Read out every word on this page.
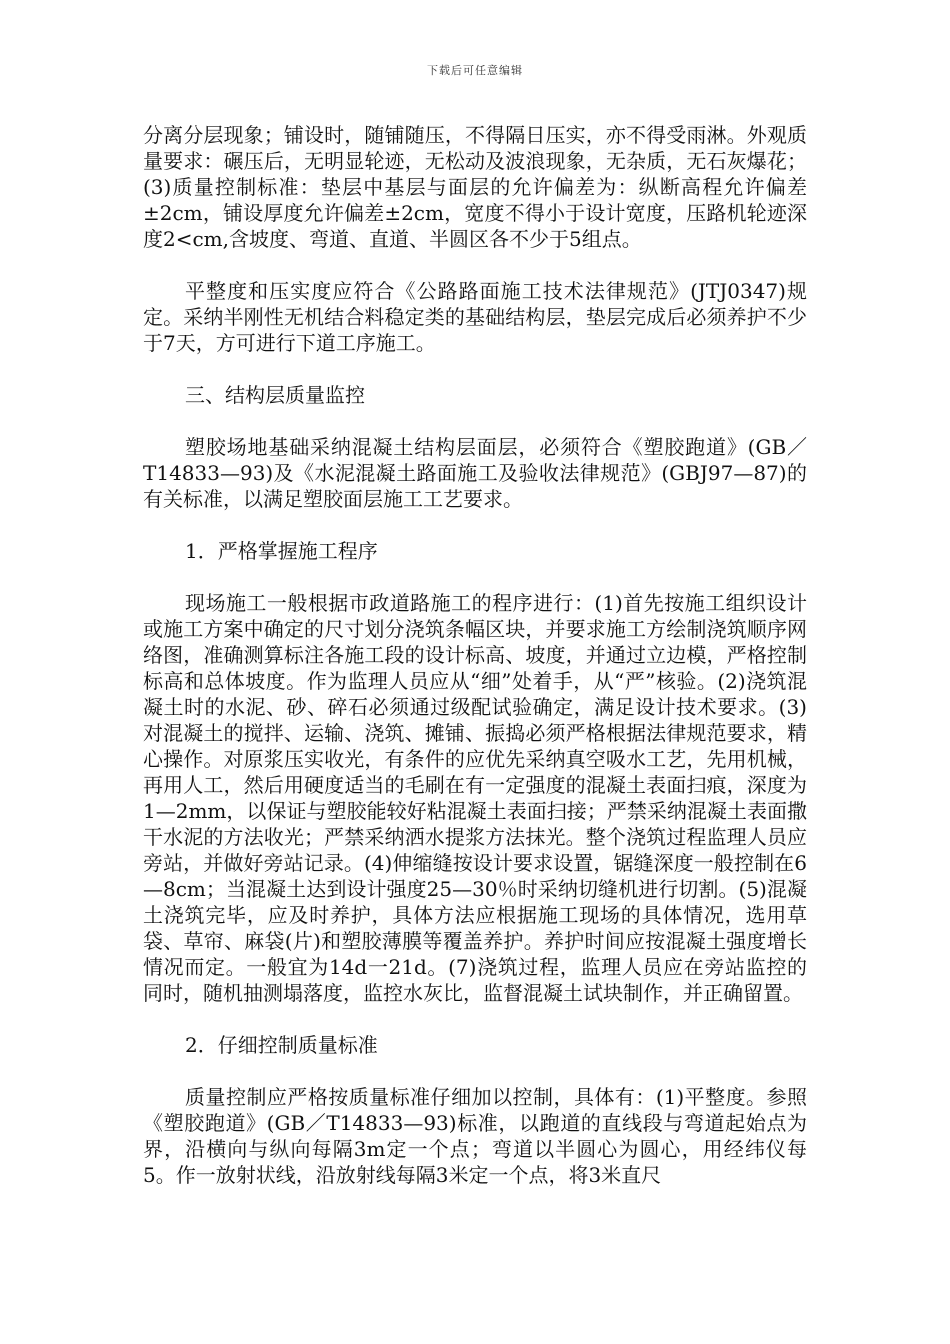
下载后可任意编辑

分离分层现象；铺设时，随铺随压，不得隔日压实，亦不得受雨淋。外观质量要求：碾压后，无明显轮迹，无松动及波浪现象，无杂质，无石灰爆花；(3)质量控制标准：垫层中基层与面层的允许偏差为：纵断高程允许偏差±2cm，铺设厚度允许偏差±2cm，宽度不得小于设计宽度，压路机轮迹深度2<cm,含坡度、弯道、直道、半圆区各不少于5组点。

平整度和压实度应符合《公路路面施工技术法律规范》(JTJ0347)规定。采纳半刚性无机结合料稳定类的基础结构层，垫层完成后必须养护不少于7天，方可进行下道工序施工。

三、结构层质量监控

塑胶场地基础采纳混凝土结构层面层，必须符合《塑胶跑道》(GB／T14833—93)及《水泥混凝土路面施工及验收法律规范》(GBJ97—87)的有关标准，以满足塑胶面层施工工艺要求。

1．严格掌握施工程序

现场施工一般根据市政道路施工的程序进行：(1)首先按施工组织设计或施工方案中确定的尺寸划分浇筑条幅区块，并要求施工方绘制浇筑顺序网络图，准确测算标注各施工段的设计标高、坡度，并通过立边模，严格控制标高和总体坡度。作为监理人员应从“细”处着手，从“严”核验。(2)浇筑混凝土时的水泥、砂、碎石必须通过级配试验确定，满足设计技术要求。(3)对混凝土的搅拌、运输、浇筑、摊铺、振捣必须严格根据法律规范要求，精心操作。对原浆压实收光，有条件的应优先采纳真空吸水工艺，先用机械，再用人工，然后用硬度适当的毛刷在有一定强度的混凝土表面扫痕，深度为1—2mm，以保证与塑胶能较好粘混凝土表面扫接；严禁采纳混凝土表面撒干水泥的方法收光；严禁采纳洒水提浆方法抹光。整个浇筑过程监理人员应旁站，并做好旁站记录。(4)伸缩缝按设计要求设置，锯缝深度一般控制在6—8cm；当混凝土达到设计强度25—30％时采纳切缝机进行切割。(5)混凝土浇筑完毕，应及时养护，具体方法应根据施工现场的具体情况，选用草袋、草帘、麻袋(片)和塑胶薄膜等覆盖养护。养护时间应按混凝土强度增长情况而定。一般宜为14d一21d。(7)浇筑过程，监理人员应在旁站监控的同时，随机抽测塌落度，监控水灰比，监督混凝土试块制作，并正确留置。

2．仔细控制质量标准

质量控制应严格按质量标准仔细加以控制，具体有：(1)平整度。参照《塑胶跑道》(GB／T14833—93)标准，以跑道的直线段与弯道起始点为界，沿横向与纵向每隔3m定一个点；弯道以半圆心为圆心，用经纬仪每5。作一放射状线，沿放射线每隔3米定一个点，将3米直尺
